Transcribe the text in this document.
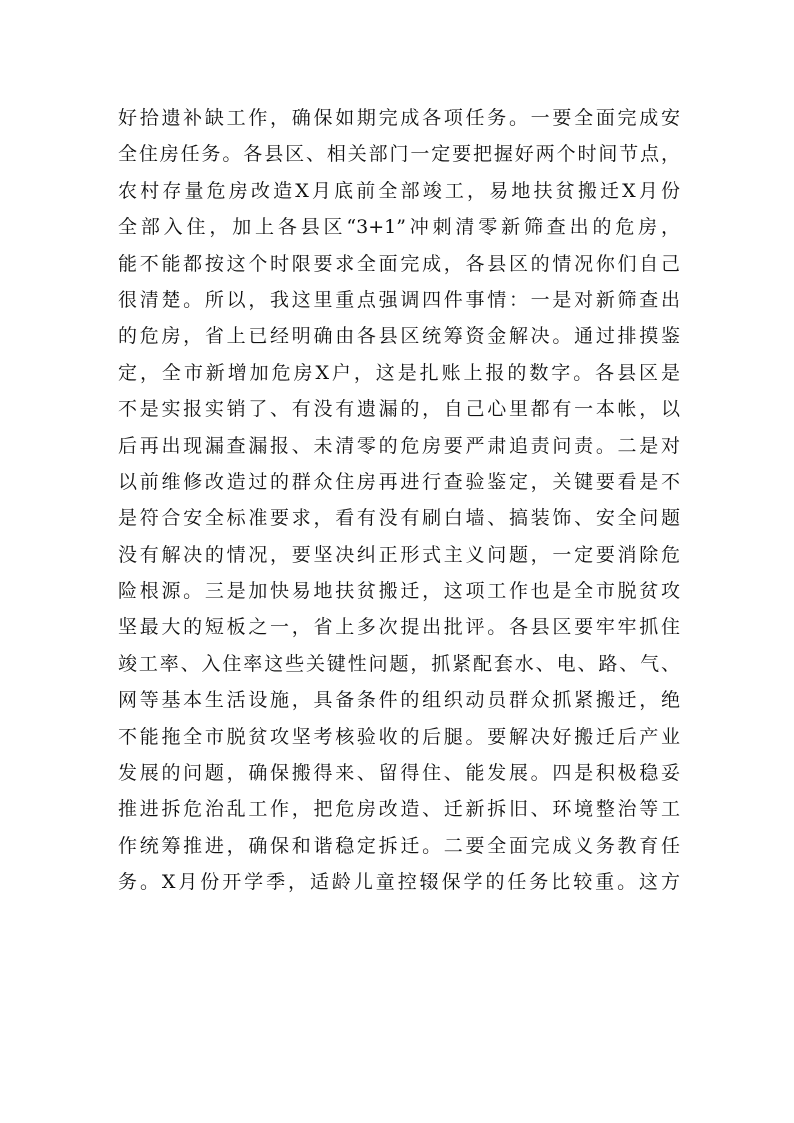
好拾遗补缺工作，确保如期完成各项任务。一要全面完成安
全住房任务。各县区、相关部门一定要把握好两个时间节点，
农村存量危房改造X月底前全部竣工，易地扶贫搬迁X月份
全部入住，加上各县区“3+1”冲刺清零新筛查出的危房，
能不能都按这个时限要求全面完成，各县区的情况你们自己
很清楚。所以，我这里重点强调四件事情：一是对新筛查出
的危房，省上已经明确由各县区统筹资金解决。通过排摸鉴
定，全市新增加危房X户，这是扎账上报的数字。各县区是
不是实报实销了、有没有遗漏的，自己心里都有一本帐，以
后再出现漏查漏报、未清零的危房要严肃追责问责。二是对
以前维修改造过的群众住房再进行查验鉴定，关键要看是不
是符合安全标准要求，看有没有刷白墙、搞装饰、安全问题
没有解决的情况，要坚决纠正形式主义问题，一定要消除危
险根源。三是加快易地扶贫搬迁，这项工作也是全市脱贫攻
坚最大的短板之一，省上多次提出批评。各县区要牢牢抓住
竣工率、入住率这些关键性问题，抓紧配套水、电、路、气、
网等基本生活设施，具备条件的组织动员群众抓紧搬迁，绝
不能拖全市脱贫攻坚考核验收的后腿。要解决好搬迁后产业
发展的问题，确保搬得来、留得住、能发展。四是积极稳妥
推进拆危治乱工作，把危房改造、迁新拆旧、环境整治等工
作统筹推进，确保和谐稳定拆迁。二要全面完成义务教育任
务。X月份开学季，适龄儿童控辍保学的任务比较重。这方
